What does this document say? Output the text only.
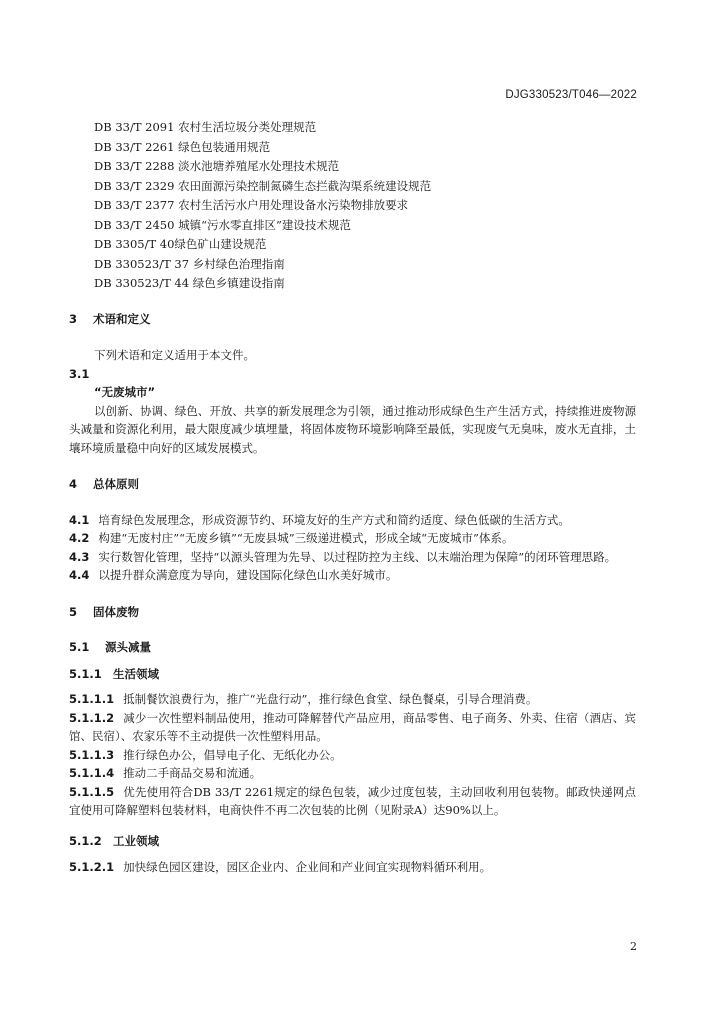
DJG330523/T046—2022
DB 33/T 2091 农村生活垃圾分类处理规范
DB 33/T 2261 绿色包装通用规范
DB 33/T 2288 淡水池塘养殖尾水处理技术规范
DB 33/T 2329 农田面源污染控制氮磷生态拦截沟渠系统建设规范
DB 33/T 2377 农村生活污水户用处理设备水污染物排放要求
DB 33/T 2450 城镇“污水零直排区”建设技术规范
DB 3305/T 40绿色矿山建设规范
DB 330523/T 37 乡村绿色治理指南
DB 330523/T 44 绿色乡镇建设指南
3 术语和定义

下列术语和定义适用于本文件。

3.1

“无废城市”

以创新、协调、绿色、开放、共享的新发展理念为引领，通过推动形成绿色生产生活方式，持续推进废物源头减量和资源化利用，最大限度减少填埋量，将固体废物环境影响降至最低，实现废气无臭味，废水无直排，土壤环境质量稳中向好的区域发展模式。

4 总体原则

4.1 培育绿色发展理念，形成资源节约、环境友好的生产方式和简约适度、绿色低碳的生活方式。

4.2 构建“无废村庄”“无废乡镇”“无废县城”三级递进模式，形成全域“无废城市”体系。

4.3 实行数智化管理，坚持“以源头管理为先导、以过程防控为主线、以末端治理为保障”的闭环管理思路。

4.4 以提升群众满意度为导向，建设国际化绿色山水美好城市。

5 固体废物
5.1 源头减量
5.1.1 生活领域

5.1.1.1 抵制餐饮浪费行为，推广“光盘行动”，推行绿色食堂、绿色餐桌，引导合理消费。

5.1.1.2 减少一次性塑料制品使用，推动可降解替代产品应用，商品零售、电子商务、外卖、住宿（酒店、宾馆、民宿）、农家乐等不主动提供一次性塑料用品。

5.1.1.3 推行绿色办公，倡导电子化、无纸化办公。

5.1.1.4 推动二手商品交易和流通。

5.1.1.5 优先使用符合DB 33/T 2261规定的绿色包装，减少过度包装，主动回收利用包装物。邮政快递网点宜使用可降解塑料包装材料，电商快件不再二次包装的比例（见附录A）达90%以上。

5.1.2 工业领域

5.1.2.1 加快绿色园区建设，园区企业内、企业间和产业间宜实现物料循环利用。

2
